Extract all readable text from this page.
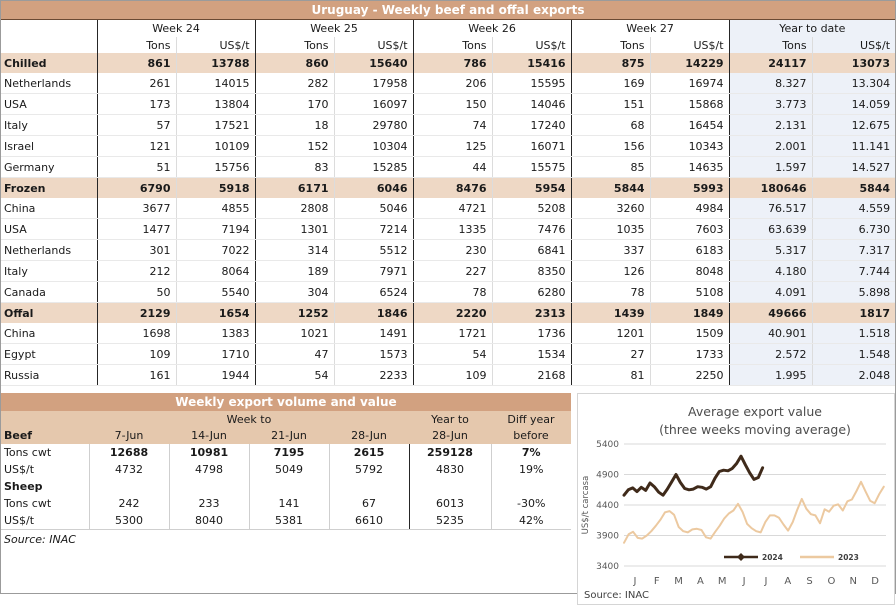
Uruguay - Weekly beef and offal exports
	Week 24		Week 25		Week 26		Week 27		Year to date	
	Tons	US$/t	Tons	US$/t	Tons	US$/t	Tons	US$/t	Tons	US$/t
Chilled	861	13788	860	15640	786	15416	875	14229	24117	13073
Netherlands	261	14015	282	17958	206	15595	169	16974	8.327	13.304
USA	173	13804	170	16097	150	14046	151	15868	3.773	14.059
Italy	57	17521	18	29780	74	17240	68	16454	2.131	12.675
Israel	121	10109	152	10304	125	16071	156	10343	2.001	11.141
Germany	51	15756	83	15285	44	15575	85	14635	1.597	14.527
Frozen	6790	5918	6171	6046	8476	5954	5844	5993	180646	5844
China	3677	4855	2808	5046	4721	5208	3260	4984	76.517	4.559
USA	1477	7194	1301	7214	1335	7476	1035	7603	63.639	6.730
Netherlands	301	7022	314	5512	230	6841	337	6183	5.317	7.317
Italy	212	8064	189	7971	227	8350	126	8048	4.180	7.744
Canada	50	5540	304	6524	78	6280	78	5108	4.091	5.898
Offal	2129	1654	1252	1846	2220	2313	1439	1849	49666	1817
China	1698	1383	1021	1491	1721	1736	1201	1509	40.901	1.518
Egypt	109	1710	47	1573	54	1534	27	1733	2.572	1.548
Russia	161	1944	54	2233	109	2168	81	2250	1.995	2.048
Weekly export volume and value
	Week to				Year to	Diff year
Beef	7-Jun	14-Jun	21-Jun	28-Jun	28-Jun	before
Tons cwt	12688	10981	7195	2615	259128	7%
US$/t	4732	4798	5049	5792	4830	19%
Sheep						
Tons cwt	242	233	141	67	6013	-30%
US$/t	5300	8040	5381	6610	5235	42%
Source: INAC
Average export value
(three weeks moving average)
5400
4900
4400
3900
3400
US$/t carcasa
J F M A M J J A S O N D
2024	2023
Source: INAC
